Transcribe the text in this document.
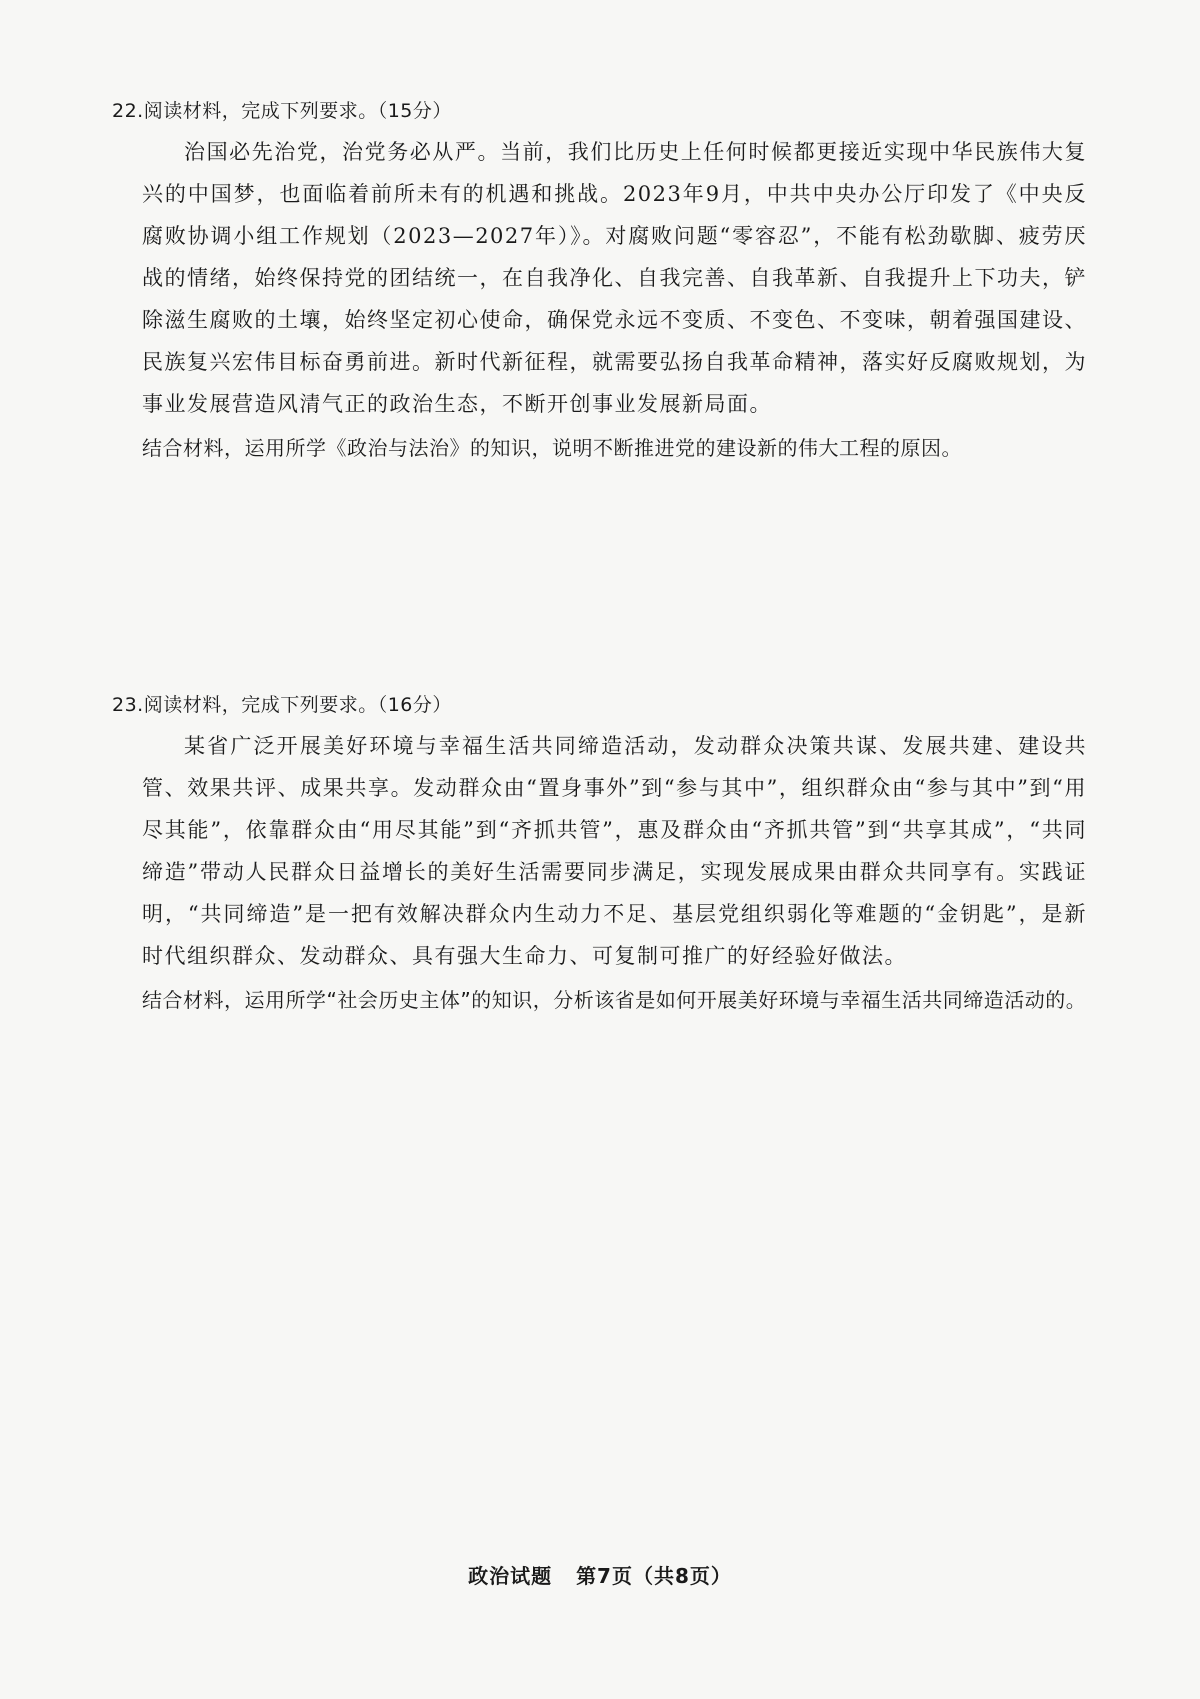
22.阅读材料，完成下列要求。（15分）

治国必先治党，治党务必从严。当前，我们比历史上任何时候都更接近实现中华民族伟大复兴的中国梦，也面临着前所未有的机遇和挑战。2023年9月，中共中央办公厅印发了《中央反腐败协调小组工作规划（2023—2027年）》。对腐败问题“零容忍”，不能有松劲歇脚、疲劳厌战的情绪，始终保持党的团结统一，在自我净化、自我完善、自我革新、自我提升上下功夫，铲除滋生腐败的土壤，始终坚定初心使命，确保党永远不变质、不变色、不变味，朝着强国建设、民族复兴宏伟目标奋勇前进。新时代新征程，就需要弘扬自我革命精神，落实好反腐败规划，为事业发展营造风清气正的政治生态，不断开创事业发展新局面。

结合材料，运用所学《政治与法治》的知识，说明不断推进党的建设新的伟大工程的原因。

23.阅读材料，完成下列要求。（16分）

某省广泛开展美好环境与幸福生活共同缔造活动，发动群众决策共谋、发展共建、建设共管、效果共评、成果共享。发动群众由“置身事外”到“参与其中”，组织群众由“参与其中”到“用尽其能”，依靠群众由“用尽其能”到“齐抓共管”，惠及群众由“齐抓共管”到“共享其成”，“共同缔造”带动人民群众日益增长的美好生活需要同步满足，实现发展成果由群众共同享有。实践证明，“共同缔造”是一把有效解决群众内生动力不足、基层党组织弱化等难题的“金钥匙”，是新时代组织群众、发动群众、具有强大生命力、可复制可推广的好经验好做法。

结合材料，运用所学“社会历史主体”的知识，分析该省是如何开展美好环境与幸福生活共同缔造活动的。

政治试题 第7页（共8页）
